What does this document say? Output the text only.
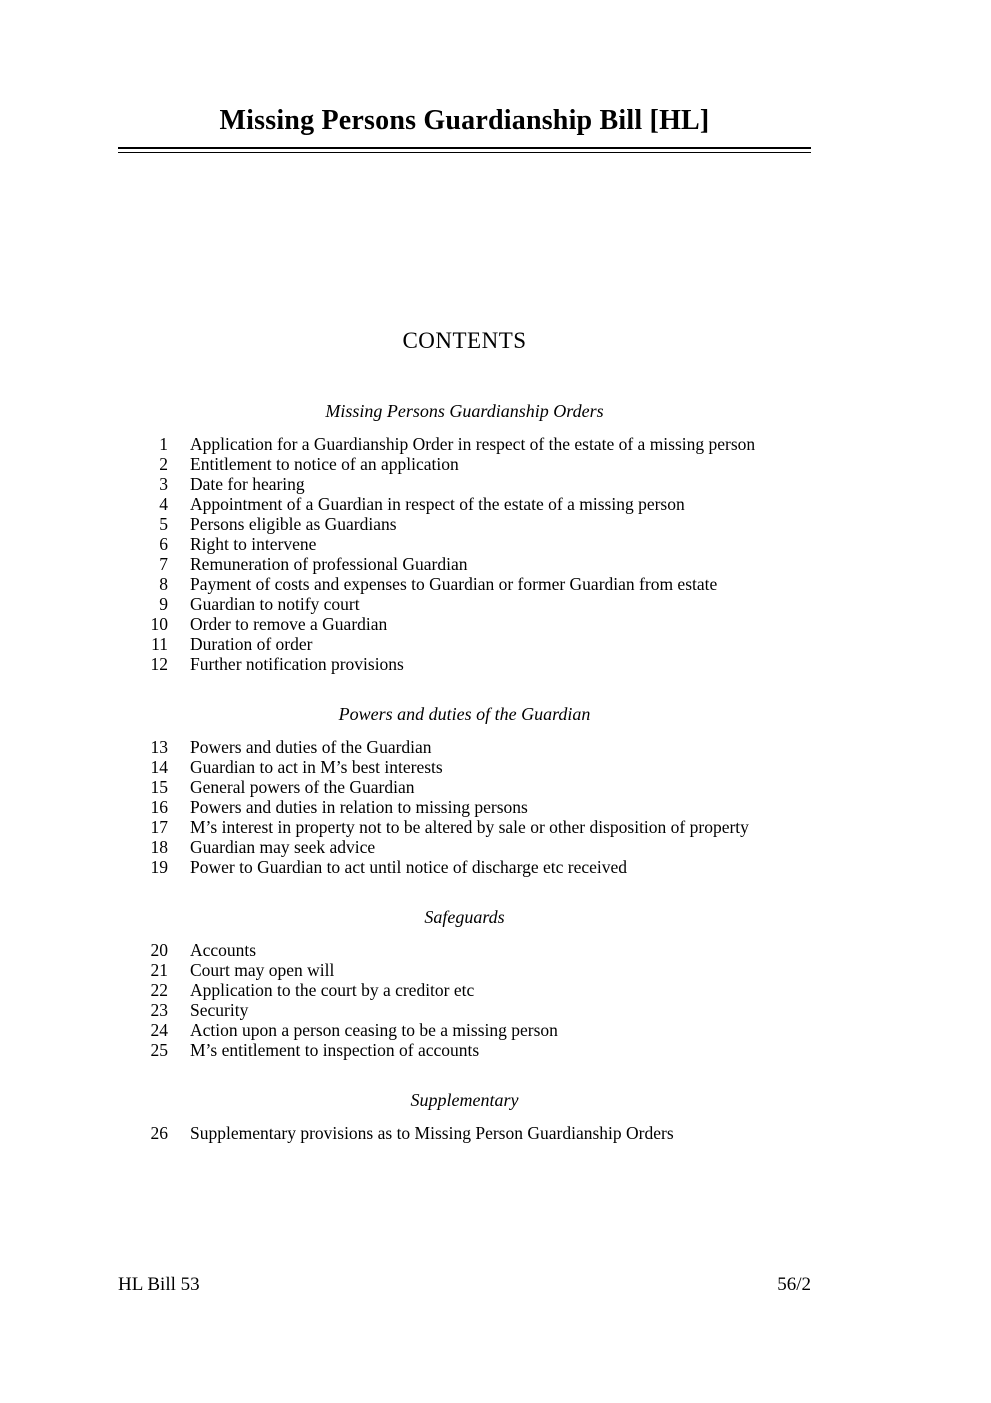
Missing Persons Guardianship Bill [HL]
CONTENTS
Missing Persons Guardianship Orders
1 Application for a Guardianship Order in respect of the estate of a missing person
2 Entitlement to notice of an application
3 Date for hearing
4 Appointment of a Guardian in respect of the estate of a missing person
5 Persons eligible as Guardians
6 Right to intervene
7 Remuneration of professional Guardian
8 Payment of costs and expenses to Guardian or former Guardian from estate
9 Guardian to notify court
10 Order to remove a Guardian
11 Duration of order
12 Further notification provisions
Powers and duties of the Guardian
13 Powers and duties of the Guardian
14 Guardian to act in M’s best interests
15 General powers of the Guardian
16 Powers and duties in relation to missing persons
17 M’s interest in property not to be altered by sale or other disposition of property
18 Guardian may seek advice
19 Power to Guardian to act until notice of discharge etc received
Safeguards
20 Accounts
21 Court may open will
22 Application to the court by a creditor etc
23 Security
24 Action upon a person ceasing to be a missing person
25 M’s entitlement to inspection of accounts
Supplementary
26 Supplementary provisions as to Missing Person Guardianship Orders
HL Bill 53	56/2
